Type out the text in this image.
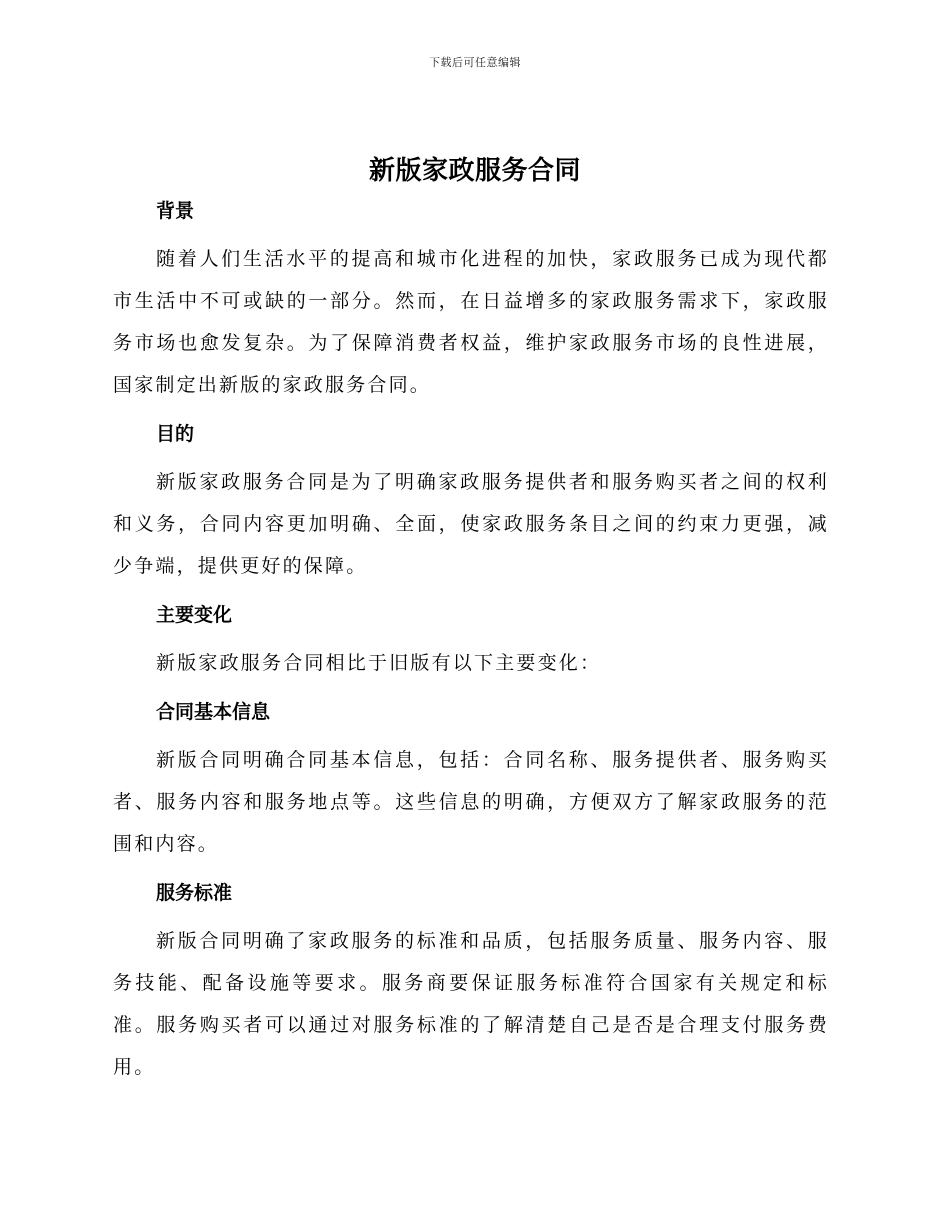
下载后可任意编辑
新版家政服务合同

背景

随着人们生活水平的提高和城市化进程的加快，家政服务已成为现代都市生活中不可或缺的一部分。然而，在日益增多的家政服务需求下，家政服务市场也愈发复杂。为了保障消费者权益，维护家政服务市场的良性进展，国家制定出新版的家政服务合同。

目的

新版家政服务合同是为了明确家政服务提供者和服务购买者之间的权利和义务，合同内容更加明确、全面，使家政服务条目之间的约束力更强，减少争端，提供更好的保障。

主要变化

新版家政服务合同相比于旧版有以下主要变化：

合同基本信息

新版合同明确合同基本信息，包括：合同名称、服务提供者、服务购买者、服务内容和服务地点等。这些信息的明确，方便双方了解家政服务的范围和内容。

服务标准

新版合同明确了家政服务的标准和品质，包括服务质量、服务内容、服务技能、配备设施等要求。服务商要保证服务标准符合国家有关规定和标准。服务购买者可以通过对服务标准的了解清楚自己是否是合理支付服务费用。
